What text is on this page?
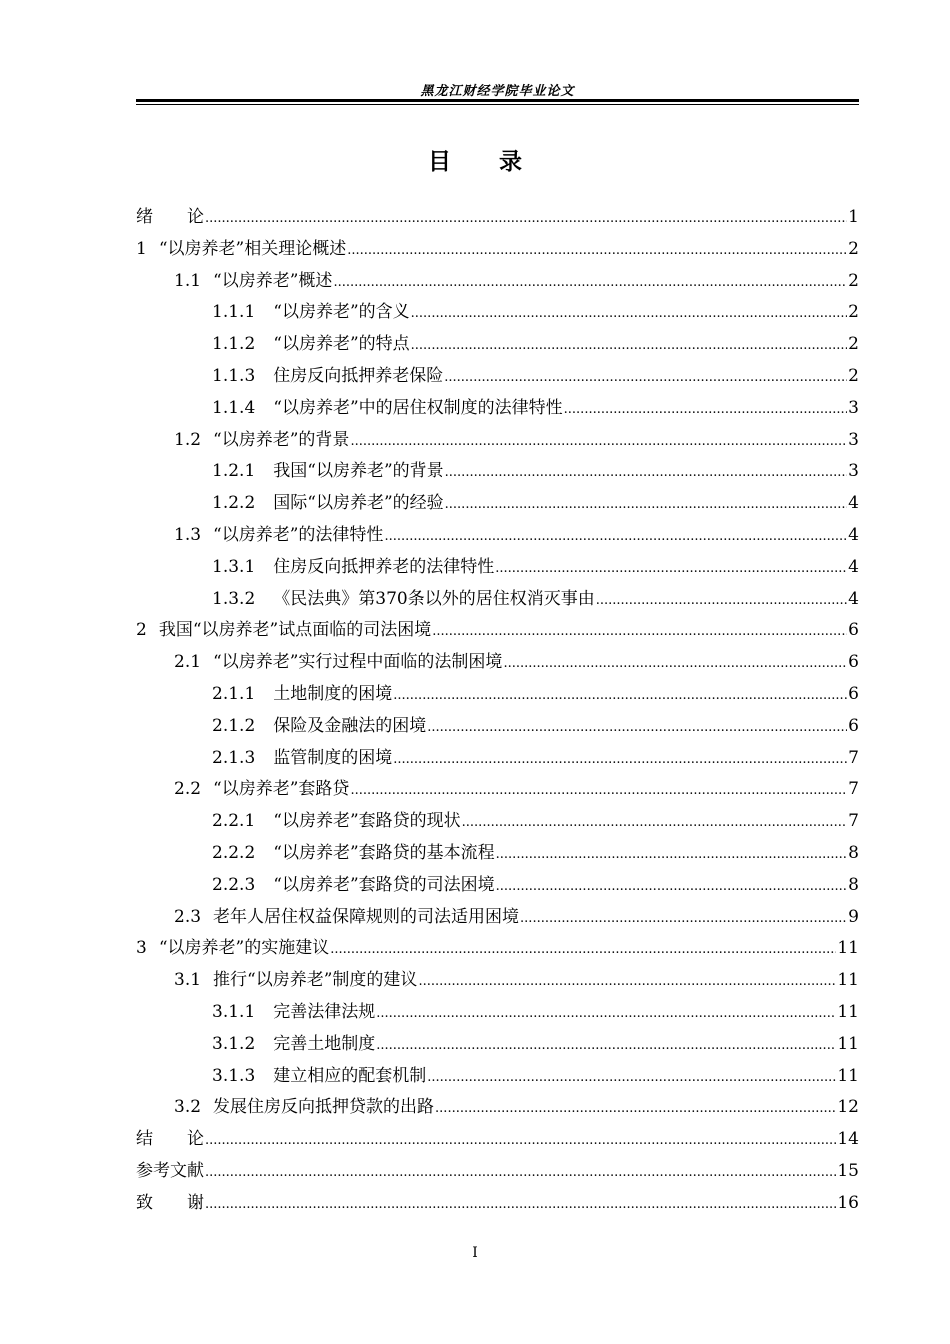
黑龙江财经学院毕业论文
目 录
绪　　论 .....	1
1 “以房养老”相关理论概述 .....	2
1.1 “以房养老”概述 .....	2
1.1.1 “以房养老”的含义 .....	2
1.1.2 “以房养老”的特点 .....	2
1.1.3 住房反向抵押养老保险 .....	2
1.1.4 “以房养老”中的居住权制度的法律特性 .....	3
1.2 “以房养老”的背景 .....	3
1.2.1 我国“以房养老”的背景 .....	3
1.2.2 国际“以房养老”的经验 .....	4
1.3 “以房养老”的法律特性 .....	4
1.3.1 住房反向抵押养老的法律特性 .....	4
1.3.2 《民法典》第370条以外的居住权消灭事由 .....	4
2 我国“以房养老”试点面临的司法困境 .....	6
2.1 “以房养老”实行过程中面临的法制困境 .....	6
2.1.1 土地制度的困境 .....	6
2.1.2 保险及金融法的困境 .....	6
2.1.3 监管制度的困境 .....	7
2.2 “以房养老”套路贷 .....	7
2.2.1 “以房养老”套路贷的现状 .....	7
2.2.2 “以房养老”套路贷的基本流程 .....	8
2.2.3 “以房养老”套路贷的司法困境 .....	8
2.3 老年人居住权益保障规则的司法适用困境 .....	9
3 “以房养老”的实施建议 .....	11
3.1 推行“以房养老”制度的建议 .....	11
3.1.1 完善法律法规 .....	11
3.1.2 完善土地制度 .....	11
3.1.3 建立相应的配套机制 .....	11
3.2 发展住房反向抵押贷款的出路 .....	12
结　　论 .....	14
参考文献 .....	15
致　　谢 .....	16
I
